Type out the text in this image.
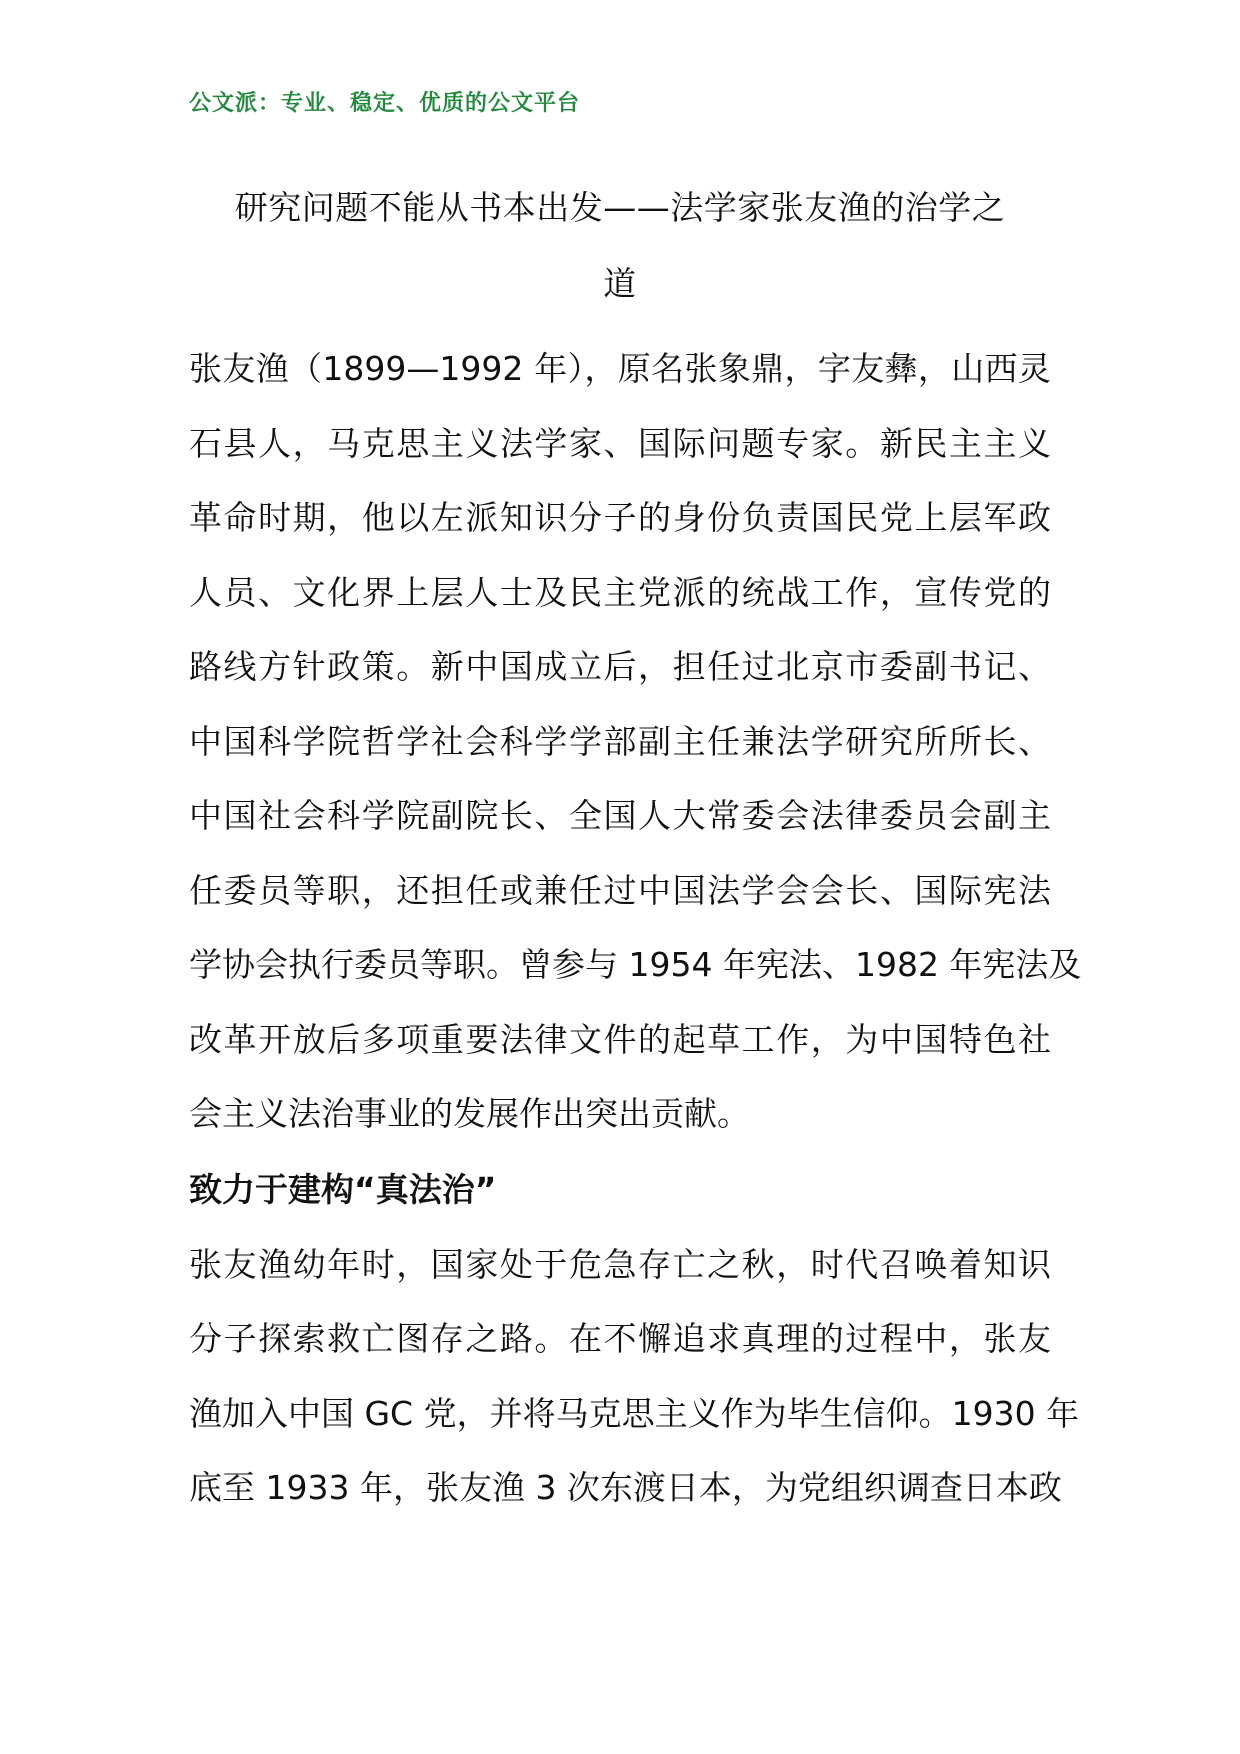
公文派：专业、稳定、优质的公文平台
研究问题不能从书本出发——法学家张友渔的治学之
道

张友渔（1899—1992 年），原名张象鼎，字友彝，山西灵
石县人，马克思主义法学家、国际问题专家。新民主主义
革命时期，他以左派知识分子的身份负责国民党上层军政
人员、文化界上层人士及民主党派的统战工作，宣传党的
路线方针政策。新中国成立后，担任过北京市委副书记、
中国科学院哲学社会科学学部副主任兼法学研究所所长、
中国社会科学院副院长、全国人大常委会法律委员会副主
任委员等职，还担任或兼任过中国法学会会长、国际宪法
学协会执行委员等职。曾参与 1954 年宪法、1982 年宪法及
改革开放后多项重要法律文件的起草工作，为中国特色社
会主义法治事业的发展作出突出贡献。

致力于建构“真法治”

张友渔幼年时，国家处于危急存亡之秋，时代召唤着知识
分子探索救亡图存之路。在不懈追求真理的过程中，张友
渔加入中国 GC 党，并将马克思主义作为毕生信仰。1930 年
底至 1933 年，张友渔 3 次东渡日本，为党组织调查日本政
